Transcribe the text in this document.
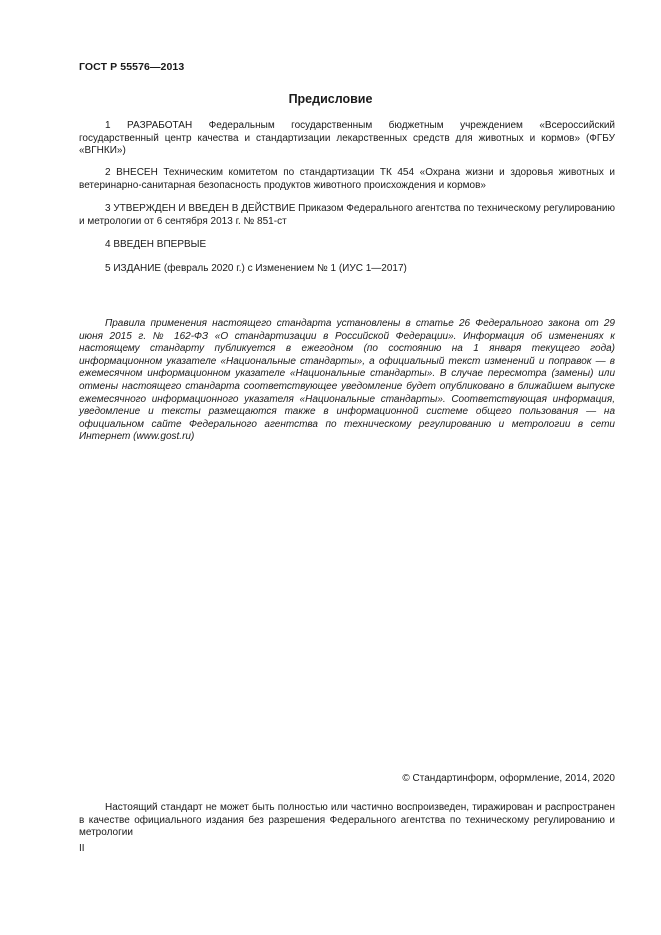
ГОСТ Р 55576—2013
Предисловие

1 РАЗРАБОТАН Федеральным государственным бюджетным учреждением «Всероссийский государственный центр качества и стандартизации лекарственных средств для животных и кормов» (ФГБУ «ВГНКИ»)

2 ВНЕСЕН Техническим комитетом по стандартизации ТК 454 «Охрана жизни и здоровья животных и ветеринарно-санитарная безопасность продуктов животного происхождения и кормов»

3 УТВЕРЖДЕН И ВВЕДЕН В ДЕЙСТВИЕ Приказом Федерального агентства по техническому регулированию и метрологии от 6 сентября 2013 г. № 851-ст

4 ВВЕДЕН ВПЕРВЫЕ

5 ИЗДАНИЕ (февраль 2020 г.) с Изменением № 1 (ИУС 1—2017)

Правила применения настоящего стандарта установлены в статье 26 Федерального закона от 29 июня 2015 г. № 162-ФЗ «О стандартизации в Российской Федерации». Информация об изменениях к настоящему стандарту публикуется в ежегодном (по состоянию на 1 января текущего года) информационном указателе «Национальные стандарты», а официальный текст изменений и поправок — в ежемесячном информационном указателе «Национальные стандарты». В случае пересмотра (замены) или отмены настоящего стандарта соответствующее уведомление будет опубликовано в ближайшем выпуске ежемесячного информационного указателя «Национальные стандарты». Соответствующая информация, уведомление и тексты размещаются также в информационной системе общего пользования — на официальном сайте Федерального агентства по техническому регулированию и метрологии в сети Интернет (www.gost.ru)

© Стандартинформ, оформление, 2014, 2020

Настоящий стандарт не может быть полностью или частично воспроизведен, тиражирован и распространен в качестве официального издания без разрешения Федерального агентства по техническому регулированию и метрологии

II
